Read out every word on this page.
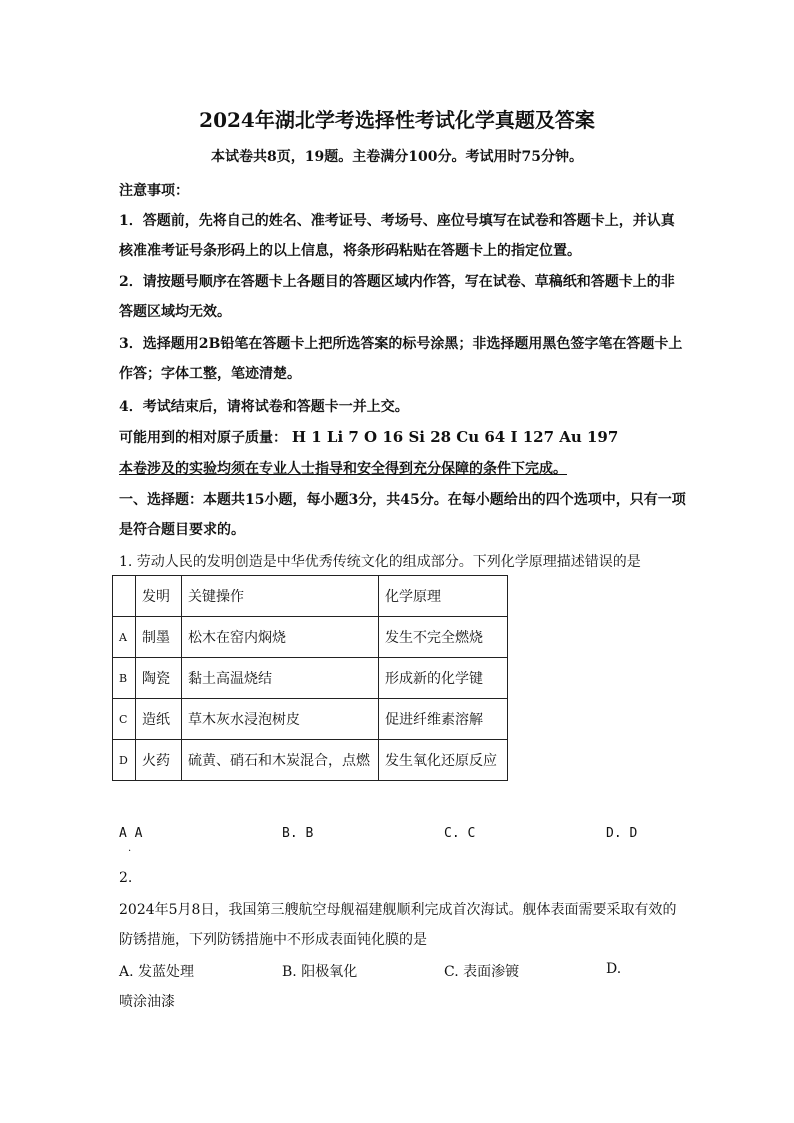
2024年湖北学考选择性考试化学真题及答案
本试卷共8页，19题。主卷满分100分。考试用时75分钟。
注意事项：
1．答题前，先将自己的姓名、准考证号、考场号、座位号填写在试卷和答题卡上，并认真
核准准考证号条形码上的以上信息，将条形码粘贴在答题卡上的指定位置。
2．请按题号顺序在答题卡上各题目的答题区域内作答，写在试卷、草稿纸和答题卡上的非
答题区域均无效。
3．选择题用2B铅笔在答题卡上把所选答案的标号涂黑；非选择题用黑色签字笔在答题卡上
作答；字体工整，笔迹清楚。
4．考试结束后，请将试卷和答题卡一并上交。
可能用到的相对原子质量： H 1 Li 7 O 16 Si 28 Cu 64 I 127 Au 197
本卷涉及的实验均须在专业人士指导和安全得到充分保障的条件下完成。
一、选择题：本题共15小题，每小题3分，共45分。在每小题给出的四个选项中，只有一项
是符合题目要求的。
1. 劳动人民的发明创造是中华优秀传统文化的组成部分。下列化学原理描述错误的是
	发明	关键操作	化学原理
A	制墨	松木在窑内焖烧	发生不完全燃烧
B	陶瓷	黏土高温烧结	形成新的化学键
C	造纸	草木灰水浸泡树皮	促进纤维素溶解
D	火药	硫黄、硝石和木炭混合，点燃	发生氧化还原反应
A A	B. B	C. C	D. D
.
2.
2024年5月8日，我国第三艘航空母舰福建舰顺利完成首次海试。舰体表面需要采取有效的
防锈措施，下列防锈措施中不形成表面钝化膜的是
A. 发蓝处理	B. 阳极氧化	C. 表面渗镀	D.
喷涂油漆
